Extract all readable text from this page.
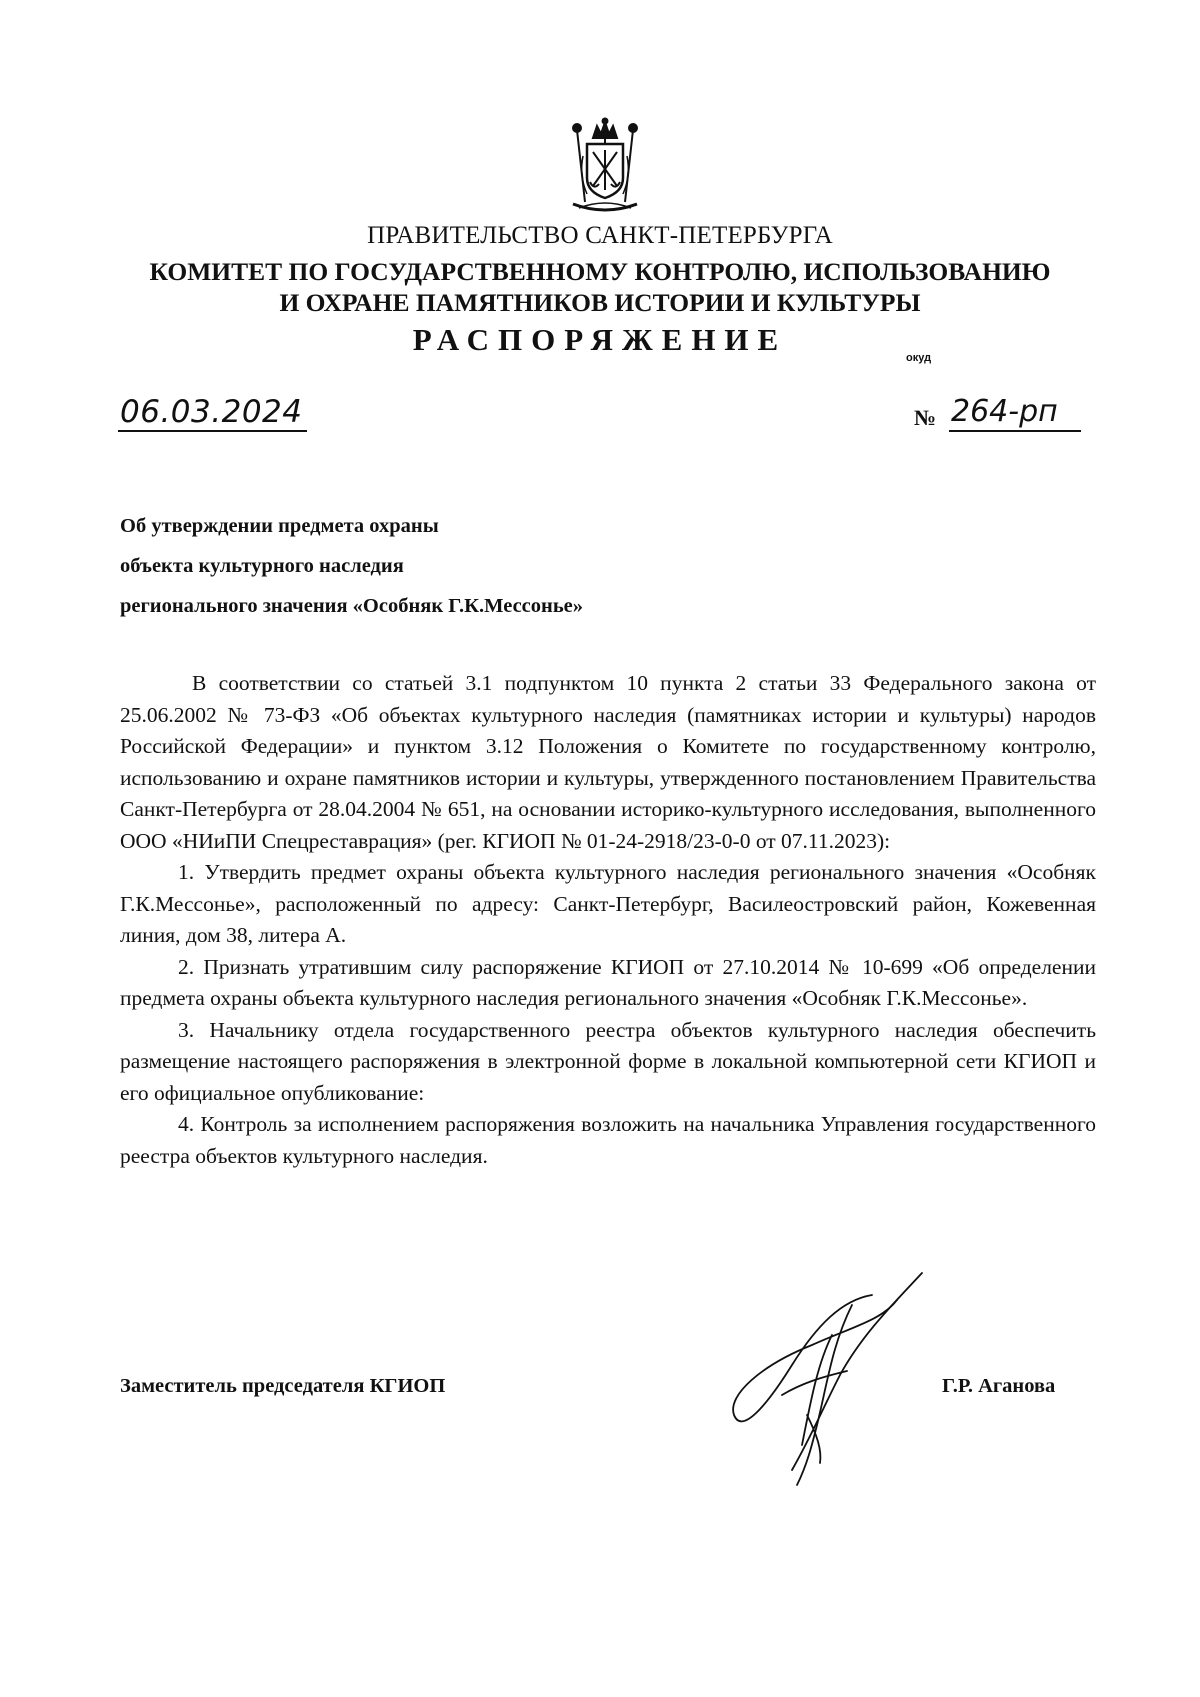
ПРАВИТЕЛЬСТВО САНКТ-ПЕТЕРБУРГА
КОМИТЕТ ПО ГОСУДАРСТВЕННОМУ КОНТРОЛЮ, ИСПОЛЬЗОВАНИЮ
И ОХРАНЕ ПАМЯТНИКОВ ИСТОРИИ И КУЛЬТУРЫ
РАСПОРЯЖЕНИЕ
окуд
06.03.2024	№ 264-рп
Об утверждении предмета охраны
объекта культурного наследия
регионального значения «Особняк Г.К.Мессонье»

В соответствии со статьей 3.1 подпунктом 10 пункта 2 статьи 33 Федерального закона от 25.06.2002 № 73-ФЗ «Об объектах культурного наследия (памятниках истории и культуры) народов Российской Федерации» и пунктом 3.12 Положения о Комитете по государственному контролю, использованию и охране памятников истории и культуры, утвержденного постановлением Правительства Санкт-Петербурга от 28.04.2004 № 651, на основании историко-культурного исследования, выполненного ООО «НИиПИ Спецреставрация» (рег. КГИОП № 01-24-2918/23-0-0 от 07.11.2023):

1. Утвердить предмет охраны объекта культурного наследия регионального значения «Особняк Г.К.Мессонье», расположенный по адресу: Санкт-Петербург, Василеостровский район, Кожевенная линия, дом 38, литера А.

2. Признать утратившим силу распоряжение КГИОП от 27.10.2014 № 10-699 «Об определении предмета охраны объекта культурного наследия регионального значения «Особняк Г.К.Мессонье».

3. Начальнику отдела государственного реестра объектов культурного наследия обеспечить размещение настоящего распоряжения в электронной форме в локальной компьютерной сети КГИОП и его официальное опубликование:

4. Контроль за исполнением распоряжения возложить на начальника Управления государственного реестра объектов культурного наследия.

Заместитель председателя КГИОП	Г.Р. Аганова
